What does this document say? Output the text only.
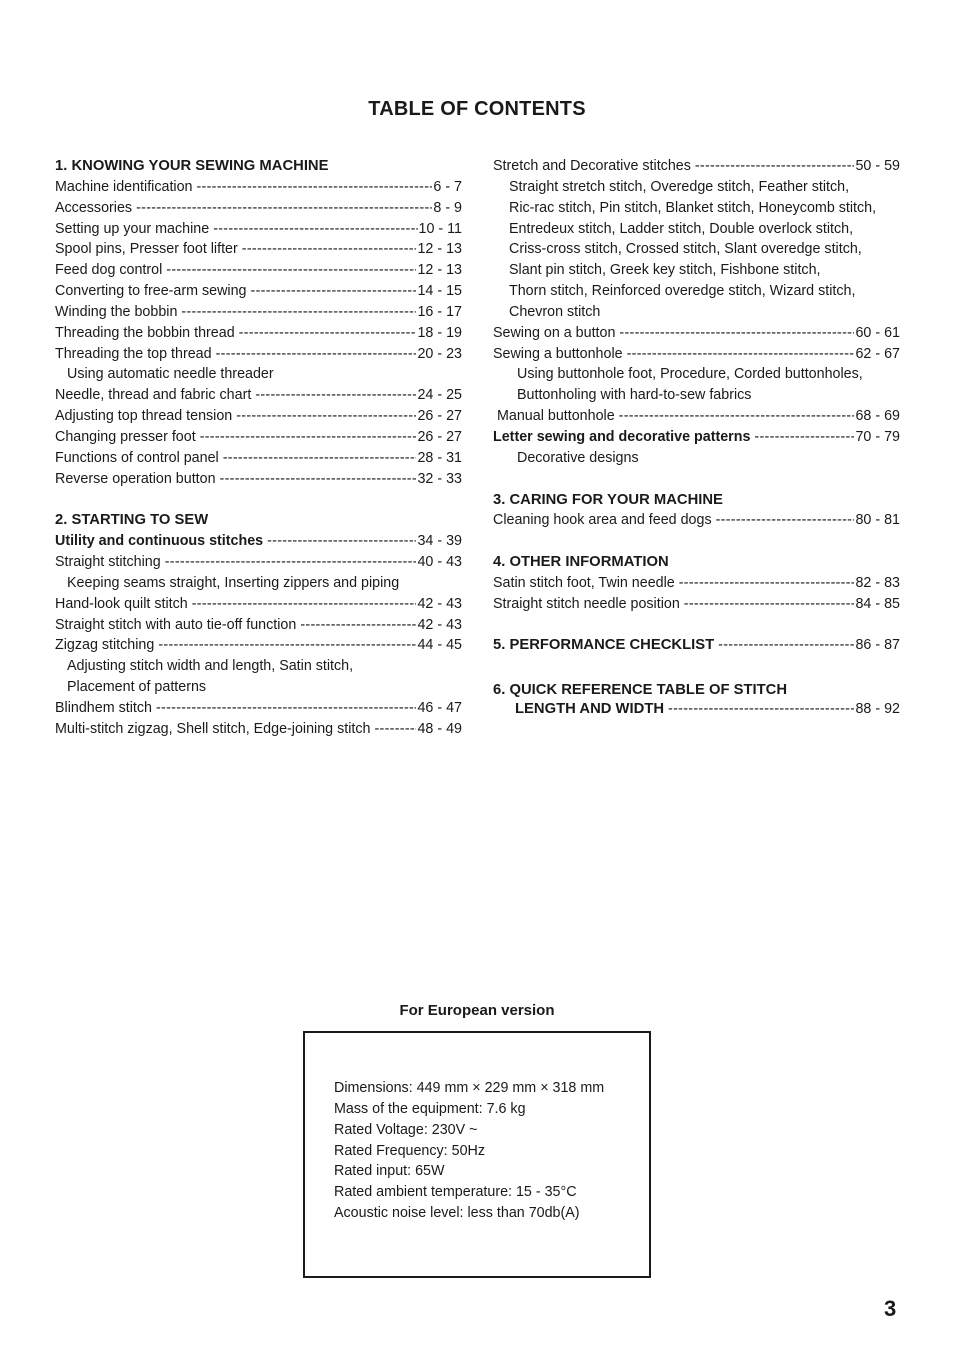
TABLE OF CONTENTS
1. KNOWING YOUR SEWING MACHINE
Machine identification -----	6 - 7
Accessories -----	8 - 9
Setting up your machine -----	10 - 11
Spool pins, Presser foot lifter -----	12 - 13
Feed dog control -----	12 - 13
Converting to free-arm sewing -----	14 - 15
Winding the bobbin -----	16 - 17
Threading the bobbin thread -----	18 - 19
Threading the top thread -----	20 - 23
Using automatic needle threader
Needle, thread and fabric chart -----	24 - 25
Adjusting top thread tension -----	26 - 27
Changing presser foot -----	26 - 27
Functions of control panel -----	28 - 31
Reverse operation button -----	32 - 33
2. STARTING TO SEW
Utility and continuous stitches -----	34 - 39
Straight stitching -----	40 - 43
Keeping seams straight, Inserting zippers and piping
Hand-look quilt stitch -----	42 - 43
Straight stitch with auto tie-off function -----	42 - 43
Zigzag stitching -----	44 - 45
Adjusting stitch width and length, Satin stitch,
Placement of patterns
Blindhem stitch -----	46 - 47
Multi-stitch zigzag, Shell stitch, Edge-joining stitch -----	48 - 49
Stretch and Decorative stitches -----	50 - 59
Straight stretch stitch, Overedge stitch, Feather stitch,
Ric-rac stitch, Pin stitch, Blanket stitch, Honeycomb stitch,
Entredeux stitch, Ladder stitch, Double overlock stitch,
Criss-cross stitch, Crossed stitch, Slant overedge stitch,
Slant pin stitch, Greek key stitch, Fishbone stitch,
Thorn stitch, Reinforced overedge stitch, Wizard stitch,
Chevron stitch
Sewing on a button -----	60 - 61
Sewing a buttonhole -----	62 - 67
Using buttonhole foot, Procedure, Corded buttonholes,
Buttonholing with hard-to-sew fabrics
Manual buttonhole -----	68 - 69
Letter sewing and decorative patterns -----	70 - 79
Decorative designs
3. CARING FOR YOUR MACHINE
Cleaning hook area and feed dogs -----	80 - 81
4. OTHER INFORMATION
Satin stitch foot, Twin needle -----	82 - 83
Straight stitch needle position -----	84 - 85
5. PERFORMANCE CHECKLIST -----	86 - 87
6. QUICK REFERENCE TABLE OF STITCH
LENGTH AND WIDTH -----	88 - 92
For European version
Dimensions: 449 mm × 229 mm × 318 mm
Mass of the equipment: 7.6 kg
Rated Voltage: 230V ~
Rated Frequency: 50Hz
Rated input: 65W
Rated ambient temperature: 15 - 35°C
Acoustic noise level: less than 70db(A)
3
